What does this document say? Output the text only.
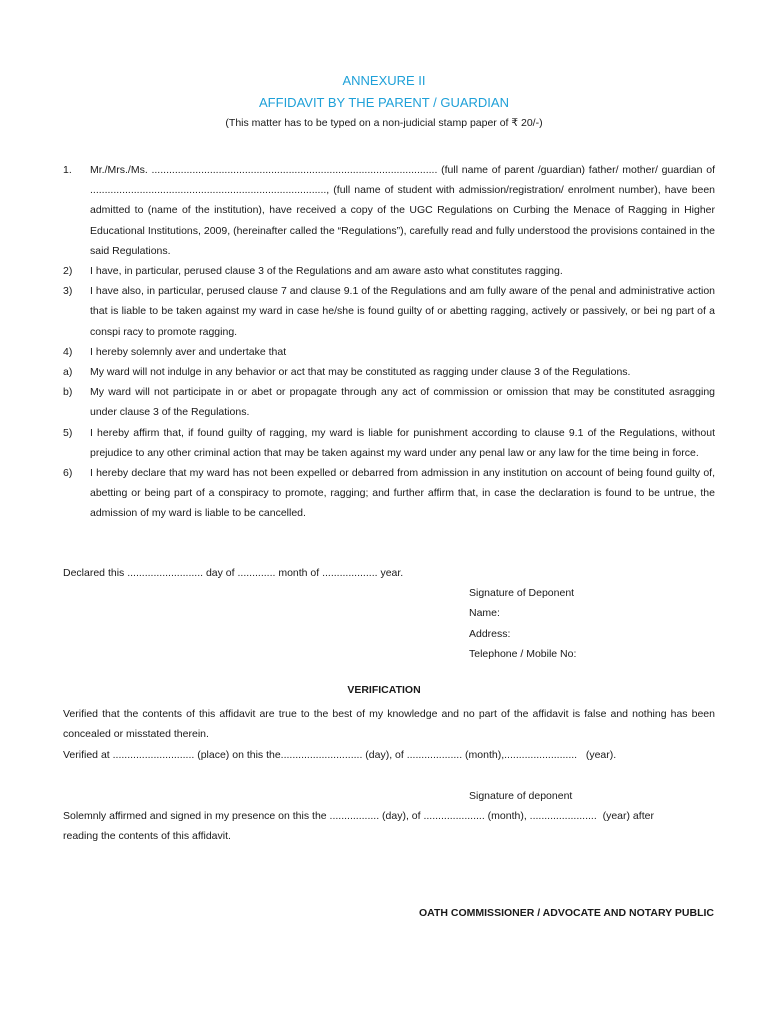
ANNEXURE II
AFFIDAVIT BY THE PARENT / GUARDIAN
(This matter has to be typed on a non-judicial stamp paper of ₹ 20/-)
1.	Mr./Mrs./Ms. .................................................................................................. (full name of parent /guardian) father/ mother/ guardian of ................................................................................., (full name of student with admission/registration/ enrolment number), have been admitted to (name of the institution), have received a copy of the UGC Regulations on Curbing the Menace of Ragging in Higher Educational Institutions, 2009, (hereinafter called the “Regulations”), carefully read and fully understood the provisions contained in the said Regulations.
2)	I have, in particular, perused clause 3 of the Regulations and am aware asto what constitutes ragging.
3)	I have also, in particular, perused clause 7 and clause 9.1 of the Regulations and am fully aware of the penal and administrative action that is liable to be taken against my ward in case he/she is found guilty of or abetting ragging, actively or passively, or bei ng part of a conspi racy to promote ragging.
4)	I hereby solemnly aver and undertake that
a)	My ward will not indulge in any behavior or act that may be constituted as ragging under clause 3 of the Regulations.
b)	My ward will not participate in or abet or propagate through any act of commission or omission that may be constituted asragging under clause 3 of the Regulations.
5)	I hereby affirm that, if found guilty of ragging, my ward is liable for punishment according to clause 9.1 of the Regulations, without prejudice to any other criminal action that may be taken against my ward under any penal law or any law for the time being in force.
6)	I hereby declare that my ward has not been expelled or debarred from admission in any institution on account of being found guilty of, abetting or being part of a conspiracy to promote, ragging; and further affirm that, in case the declaration is found to be untrue, the admission of my ward is liable to be cancelled.
Declared this .......................... day of ............. month of ................... year.
Signature of Deponent
Name:
Address:
Telephone / Mobile No:
VERIFICATION
Verified that the contents of this affidavit are true to the best of my knowledge and no part of the affidavit is false and nothing has been concealed or misstated therein.
Verified at ............................ (place) on this the............................ (day), of ................... (month),.........................   (year).
Signature of deponent
Solemnly affirmed and signed in my presence on this the ................. (day), of ..................... (month), .......................  (year) after
reading the contents of this affidavit.
OATH COMMISSIONER / ADVOCATE AND NOTARY PUBLIC
